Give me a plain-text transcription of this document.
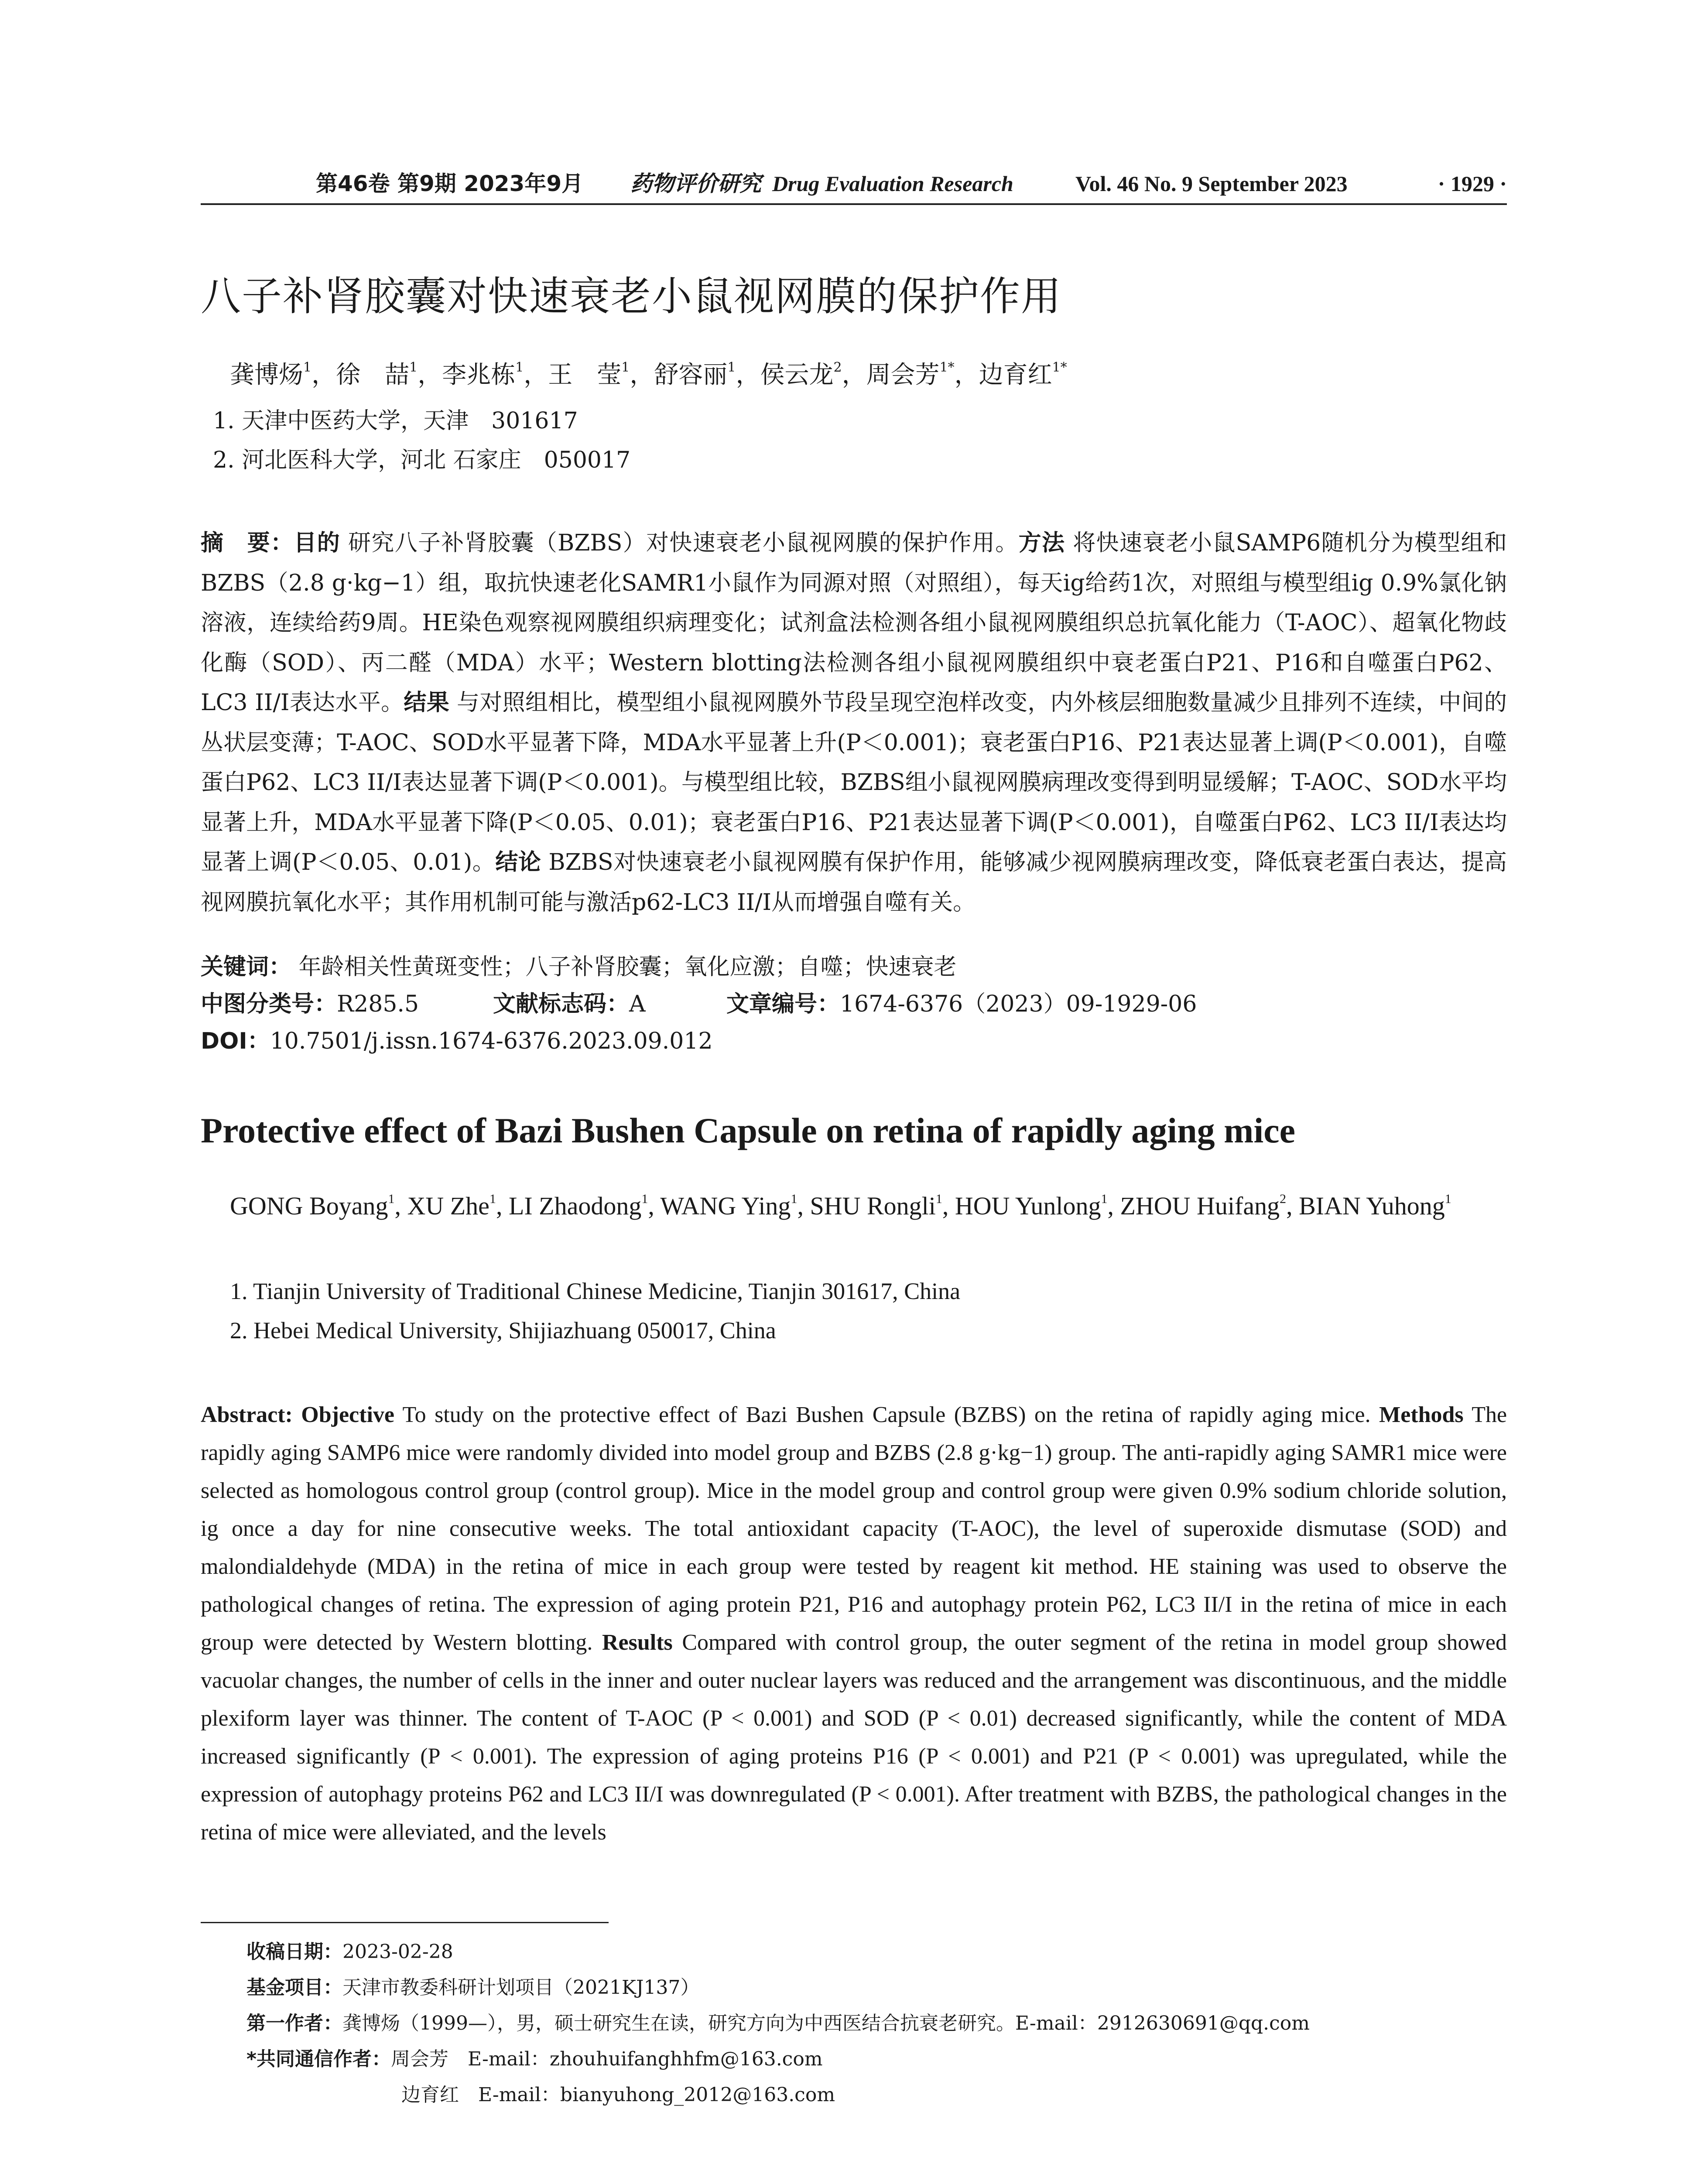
第46卷 第9期 2023年9月 药物评价研究 Drug Evaluation Research	Vol. 46 No. 9 September 2023	· 1929 ·
八子补肾胶囊对快速衰老小鼠视网膜的保护作用
龚博炀$^1$，徐　喆$^1$，李兆栋$^1$，王　莹$^1$，舒容丽$^1$，侯云龙$^2$，周会芳$^{1*}$，边育红$^{1*}$
1. 天津中医药大学，天津　301617
2. 河北医科大学，河北 石家庄　050017
摘　要：目的 研究八子补肾胶囊（BZBS）对快速衰老小鼠视网膜的保护作用。方法 将快速衰老小鼠SAMP6随机分为模型组和BZBS（2.8 g·kg−1）组，取抗快速老化SAMR1小鼠作为同源对照（对照组），每天ig给药1次，对照组与模型组ig 0.9%氯化钠溶液，连续给药9周。HE染色观察视网膜组织病理变化；试剂盒法检测各组小鼠视网膜组织总抗氧化能力（T-AOC）、超氧化物歧化酶（SOD）、丙二醛（MDA）水平；Western blotting法检测各组小鼠视网膜组织中衰老蛋白P21、P16和自噬蛋白P62、LC3 II/I表达水平。结果 与对照组相比，模型组小鼠视网膜外节段呈现空泡样改变，内外核层细胞数量减少且排列不连续，中间的丛状层变薄；T-AOC、SOD水平显著下降，MDA水平显著上升(P＜0.001)；衰老蛋白P16、P21表达显著上调(P＜0.001)，自噬蛋白P62、LC3 II/I表达显著下调(P＜0.001)。与模型组比较，BZBS组小鼠视网膜病理改变得到明显缓解；T-AOC、SOD水平均显著上升，MDA水平显著下降(P＜0.05、0.01)；衰老蛋白P16、P21表达显著下调(P＜0.001)，自噬蛋白P62、LC3 II/I表达均显著上调(P＜0.05、0.01)。结论 BZBS对快速衰老小鼠视网膜有保护作用，能够减少视网膜病理改变，降低衰老蛋白表达，提高视网膜抗氧化水平；其作用机制可能与激活p62-LC3 II/I从而增强自噬有关。
关键词： 年龄相关性黄斑变性；八子补肾胶囊；氧化应激；自噬；快速衰老
中图分类号：R285.5	文献标志码：A	文章编号：1674-6376（2023）09-1929-06
DOI：10.7501/j.issn.1674-6376.2023.09.012
Protective effect of Bazi Bushen Capsule on retina of rapidly aging mice
GONG Boyang$^1$, XU Zhe$^1$, LI Zhaodong$^1$, WANG Ying$^1$, SHU Rongli$^1$, HOU Yunlong$^1$, ZHOU Huifang$^2$, BIAN Yuhong$^1$
1. Tianjin University of Traditional Chinese Medicine, Tianjin 301617, China
2. Hebei Medical University, Shijiazhuang 050017, China
Abstract: Objective To study on the protective effect of Bazi Bushen Capsule (BZBS) on the retina of rapidly aging mice. Methods The rapidly aging SAMP6 mice were randomly divided into model group and BZBS (2.8 g·kg−1) group. The anti-rapidly aging SAMR1 mice were selected as homologous control group (control group). Mice in the model group and control group were given 0.9% sodium chloride solution, ig once a day for nine consecutive weeks. The total antioxidant capacity (T-AOC), the level of superoxide dismutase (SOD) and malondialdehyde (MDA) in the retina of mice in each group were tested by reagent kit method. HE staining was used to observe the pathological changes of retina. The expression of aging protein P21, P16 and autophagy protein P62, LC3 II/I in the retina of mice in each group were detected by Western blotting. Results Compared with control group, the outer segment of the retina in model group showed vacuolar changes, the number of cells in the inner and outer nuclear layers was reduced and the arrangement was discontinuous, and the middle plexiform layer was thinner. The content of T-AOC (P < 0.001) and SOD (P < 0.01) decreased significantly, while the content of MDA increased significantly (P < 0.001). The expression of aging proteins P16 (P < 0.001) and P21 (P < 0.001) was upregulated, while the expression of autophagy proteins P62 and LC3 II/I was downregulated (P < 0.001). After treatment with BZBS, the pathological changes in the retina of mice were alleviated, and the levels
收稿日期：2023-02-28
基金项目：天津市教委科研计划项目（2021KJ137）
第一作者：龚博炀（1999—），男，硕士研究生在读，研究方向为中西医结合抗衰老研究。E-mail：2912630691@qq.com
*共同通信作者：周会芳　E-mail：zhouhuifanghhfm@163.com
边育红　E-mail：bianyuhong_2012@163.com
